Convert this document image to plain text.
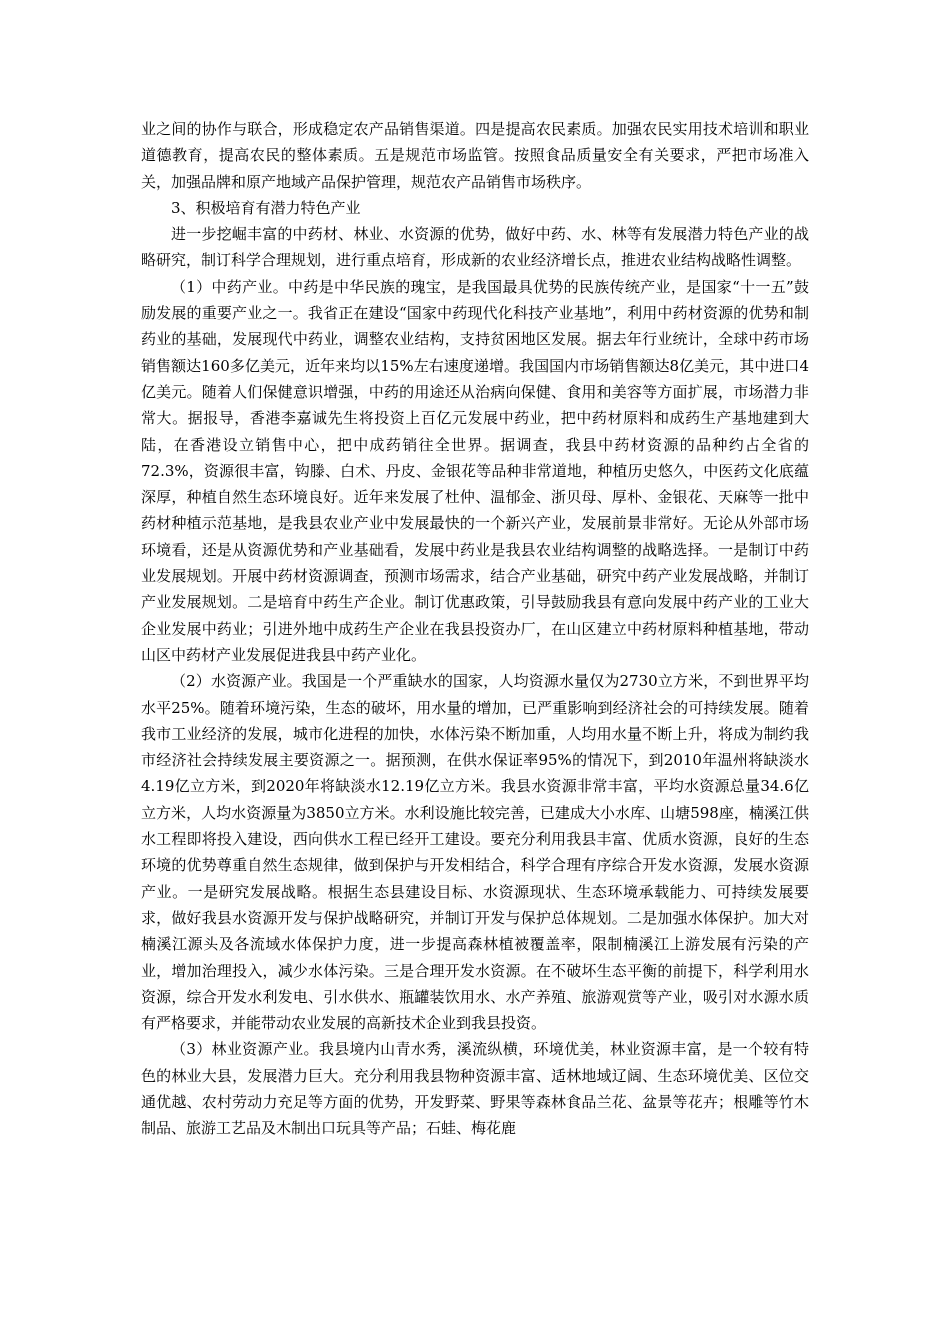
业之间的协作与联合，形成稳定农产品销售渠道。四是提高农民素质。加强农民实用技术培训和职业道德教育，提高农民的整体素质。五是规范市场监管。按照食品质量安全有关要求，严把市场准入关，加强品牌和原产地域产品保护管理，规范农产品销售市场秩序。

3、积极培育有潜力特色产业

进一步挖崛丰富的中药材、林业、水资源的优势，做好中药、水、林等有发展潜力特色产业的战略研究，制订科学合理规划，进行重点培育，形成新的农业经济增长点，推进农业结构战略性调整。

（1）中药产业。中药是中华民族的瑰宝，是我国最具优势的民族传统产业，是国家“十一五”鼓励发展的重要产业之一。我省正在建设“国家中药现代化科技产业基地”，利用中药材资源的优势和制药业的基础，发展现代中药业，调整农业结构，支持贫困地区发展。据去年行业统计，全球中药市场销售额达160多亿美元，近年来均以15%左右速度递增。我国国内市场销售额达8亿美元，其中进口4亿美元。随着人们保健意识增强，中药的用途还从治病向保健、食用和美容等方面扩展，市场潜力非常大。据报导，香港李嘉诚先生将投资上百亿元发展中药业，把中药材原料和成药生产基地建到大陆，在香港设立销售中心，把中成药销往全世界。据调查，我县中药材资源的品种约占全省的72.3%，资源很丰富，钩滕、白术、丹皮、金银花等品种非常道地，种植历史悠久，中医药文化底蕴深厚，种植自然生态环境良好。近年来发展了杜仲、温郁金、浙贝母、厚朴、金银花、天麻等一批中药材种植示范基地，是我县农业产业中发展最快的一个新兴产业，发展前景非常好。无论从外部市场环境看，还是从资源优势和产业基础看，发展中药业是我县农业结构调整的战略选择。一是制订中药业发展规划。开展中药材资源调查，预测市场需求，结合产业基础，研究中药产业发展战略，并制订产业发展规划。二是培育中药生产企业。制订优惠政策，引导鼓励我县有意向发展中药产业的工业大企业发展中药业；引进外地中成药生产企业在我县投资办厂，在山区建立中药材原料种植基地，带动山区中药材产业发展促进我县中药产业化。

（2）水资源产业。我国是一个严重缺水的国家，人均资源水量仅为2730立方米，不到世界平均水平25%。随着环境污染，生态的破坏，用水量的增加，已严重影响到经济社会的可持续发展。随着我市工业经济的发展，城市化进程的加快，水体污染不断加重，人均用水量不断上升，将成为制约我市经济社会持续发展主要资源之一。据预测，在供水保证率95%的情况下，到2010年温州将缺淡水4.19亿立方米，到2020年将缺淡水12.19亿立方米。我县水资源非常丰富，平均水资源总量34.6亿立方米，人均水资源量为3850立方米。水利设施比较完善，已建成大小水库、山塘598座，楠溪江供水工程即将投入建设，西向供水工程已经开工建设。要充分利用我县丰富、优质水资源，良好的生态环境的优势尊重自然生态规律，做到保护与开发相结合，科学合理有序综合开发水资源，发展水资源产业。一是研究发展战略。根据生态县建设目标、水资源现状、生态环境承载能力、可持续发展要求，做好我县水资源开发与保护战略研究，并制订开发与保护总体规划。二是加强水体保护。加大对楠溪江源头及各流域水体保护力度，进一步提高森林植被覆盖率，限制楠溪江上游发展有污染的产业，增加治理投入，减少水体污染。三是合理开发水资源。在不破坏生态平衡的前提下，科学利用水资源，综合开发水利发电、引水供水、瓶罐装饮用水、水产养殖、旅游观赏等产业，吸引对水源水质有严格要求，并能带动农业发展的高新技术企业到我县投资。

（3）林业资源产业。我县境内山青水秀，溪流纵横，环境优美，林业资源丰富，是一个较有特色的林业大县，发展潜力巨大。充分利用我县物种资源丰富、适林地域辽阔、生态环境优美、区位交通优越、农村劳动力充足等方面的优势，开发野菜、野果等森林食品兰花、盆景等花卉；根雕等竹木制品、旅游工艺品及木制出口玩具等产品；石蛙、梅花鹿
